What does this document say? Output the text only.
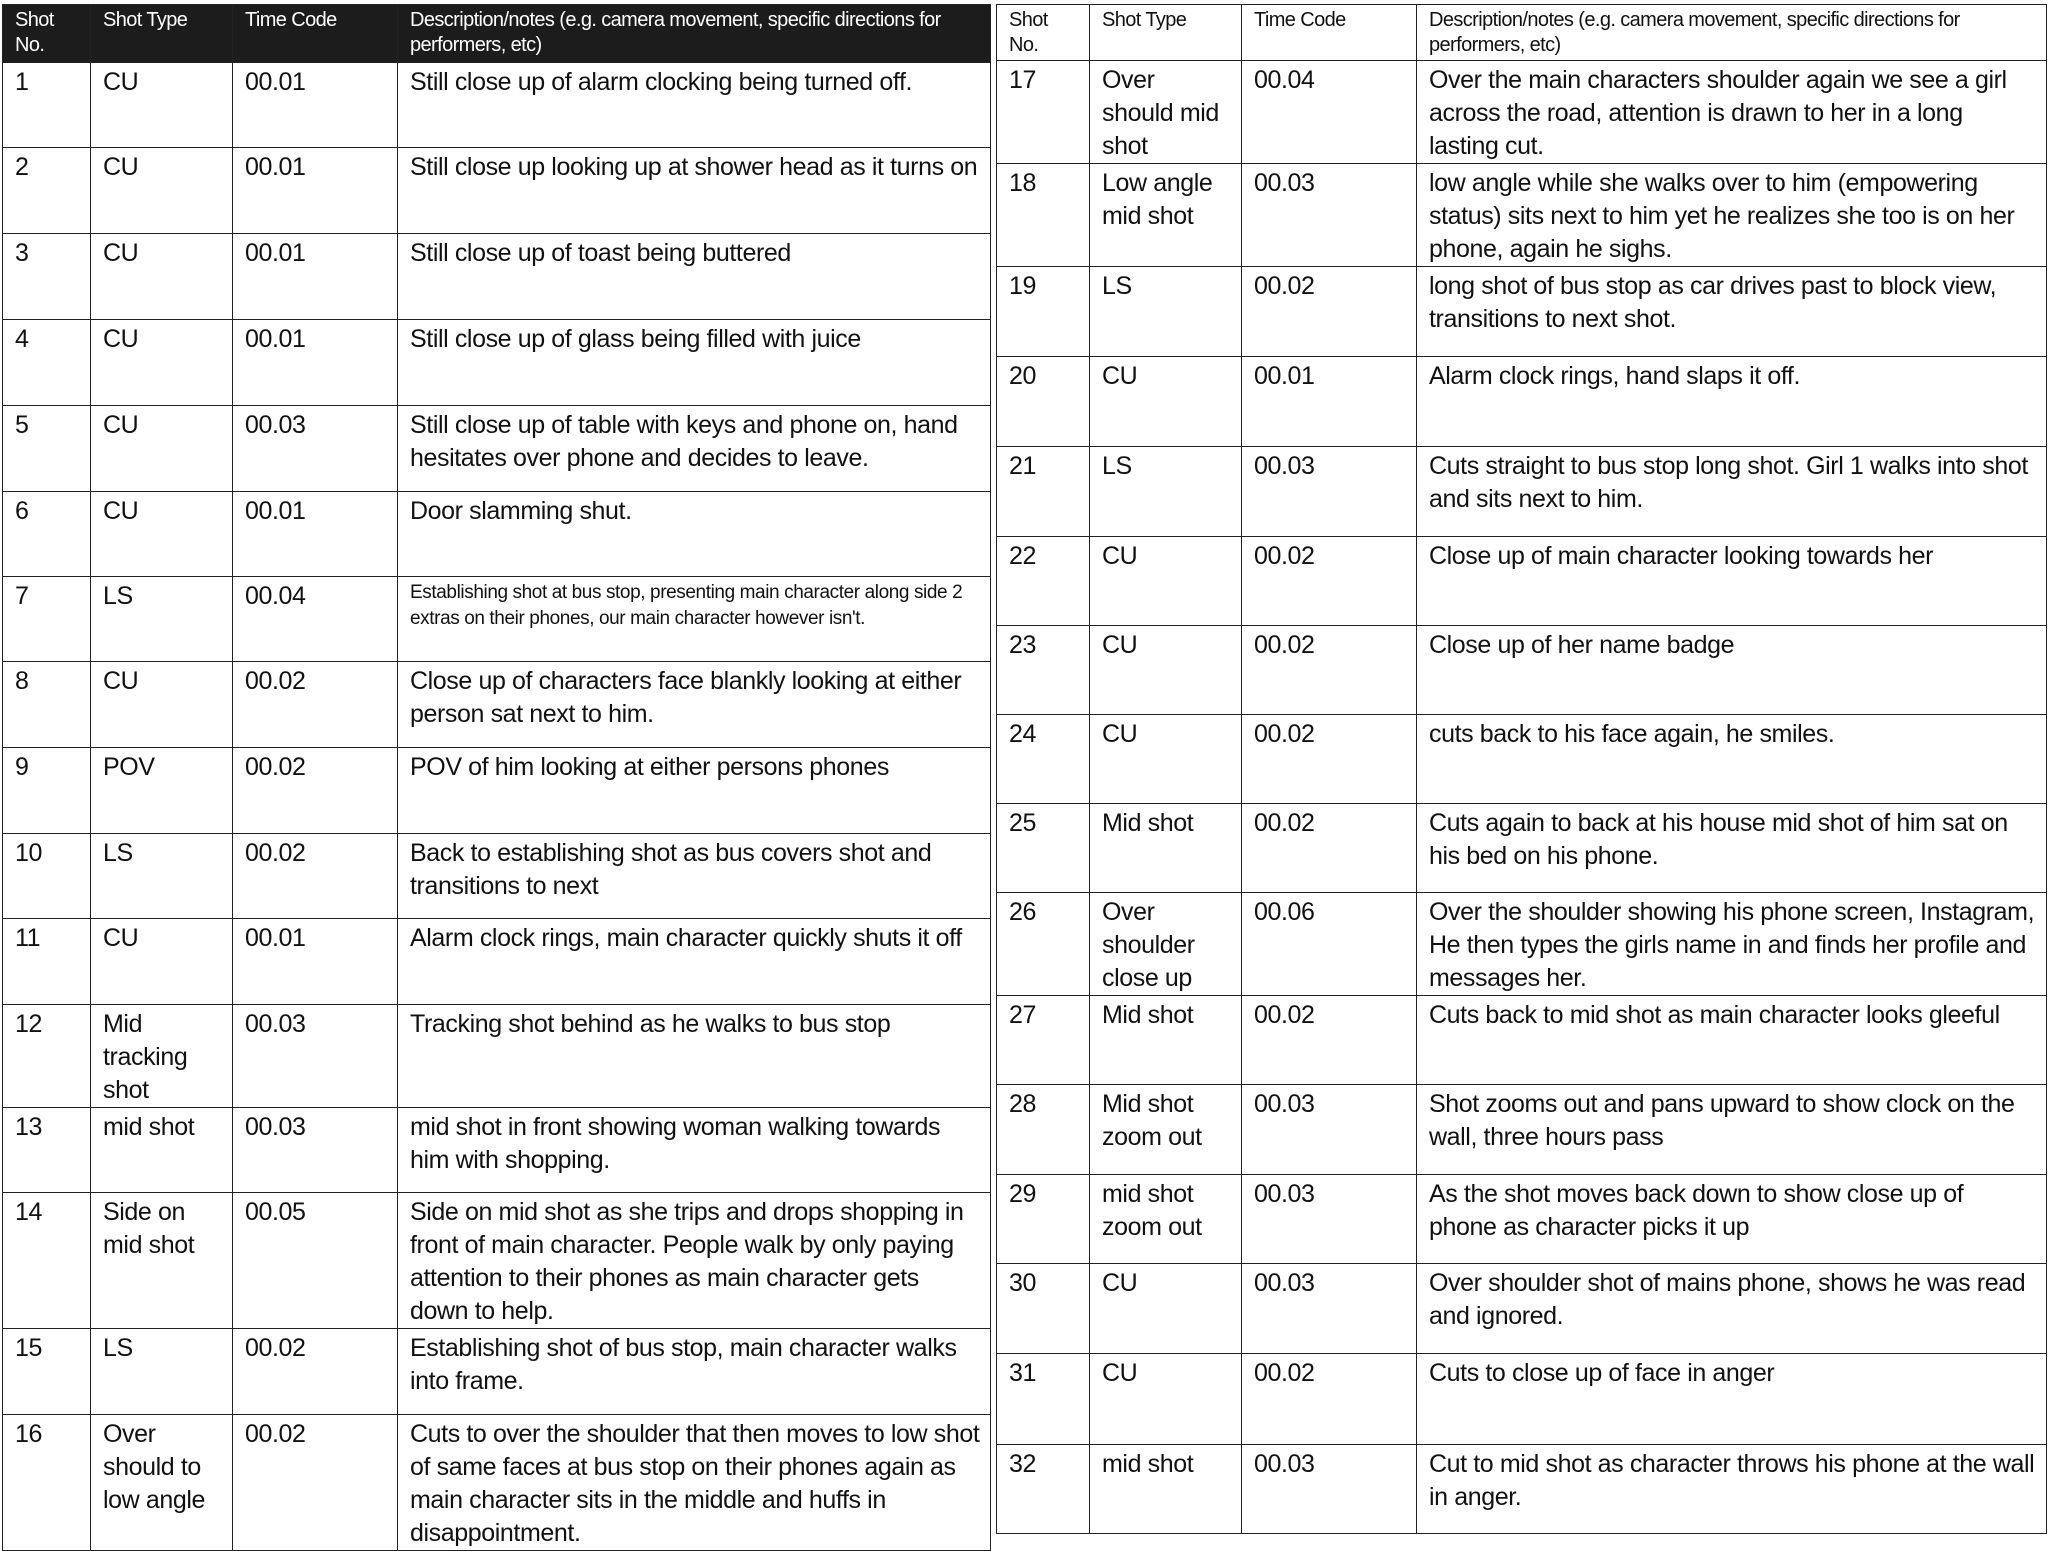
Shot No.	Shot Type	Time Code	Description/notes (e.g. camera movement, specific directions for performers, etc)
1	CU	00.01	Still close up of alarm clocking being turned off.
2	CU	00.01	Still close up looking up at shower head as it turns on
3	CU	00.01	Still close up of toast being buttered
4	CU	00.01	Still close up of glass being filled with juice
5	CU	00.03	Still close up of table with keys and phone on, hand hesitates over phone and decides to leave.
6	CU	00.01	Door slamming shut.
7	LS	00.04	Establishing shot at bus stop, presenting main character along side 2 extras on their phones, our main character however isn't.
8	CU	00.02	Close up of characters face blankly looking at either person sat next to him.
9	POV	00.02	POV of him looking at either persons phones
10	LS	00.02	Back to establishing shot as bus covers shot and transitions to next
11	CU	00.01	Alarm clock rings, main character quickly shuts it off
12	Mid tracking shot	00.03	Tracking shot behind as he walks to bus stop
13	mid shot	00.03	mid shot in front showing woman walking towards him with shopping.
14	Side on mid shot	00.05	Side on mid shot as she trips and drops shopping in front of main character. People walk by only paying attention to their phones as main character gets down to help.
15	LS	00.02	Establishing shot of bus stop, main character walks into frame.
16	Over should to low angle	00.02	Cuts to over the shoulder that then moves to low shot of same faces at bus stop on their phones again as main character sits in the middle and huffs in disappointment.
Shot No.	Shot Type	Time Code	Description/notes (e.g. camera movement, specific directions for performers, etc)
17	Over should mid shot	00.04	Over the main characters shoulder again we see a girl across the road, attention is drawn to her in a long lasting cut.
18	Low angle mid shot	00.03	low angle while she walks over to him (empowering status) sits next to him yet he realizes she too is on her phone, again he sighs.
19	LS	00.02	long shot of bus stop as car drives past to block view, transitions to next shot.
20	CU	00.01	Alarm clock rings, hand slaps it off.
21	LS	00.03	Cuts straight to bus stop long shot. Girl 1 walks into shot and sits next to him.
22	CU	00.02	Close up of main character looking towards her
23	CU	00.02	Close up of her name badge
24	CU	00.02	cuts back to his face again, he smiles.
25	Mid shot	00.02	Cuts again to back at his house mid shot of him sat on his bed on his phone.
26	Over shoulder close up	00.06	Over the shoulder showing his phone screen, Instagram, He then types the girls name in and finds her profile and messages her.
27	Mid shot	00.02	Cuts back to mid shot as main character looks gleeful
28	Mid shot zoom out	00.03	Shot zooms out and pans upward to show clock on the wall, three hours pass
29	mid shot zoom out	00.03	As the shot moves back down to show close up of phone as character picks it up
30	CU	00.03	Over shoulder shot of mains phone, shows he was read and ignored.
31	CU	00.02	Cuts to close up of face in anger
32	mid shot	00.03	Cut to mid shot as character throws his phone at the wall in anger.
